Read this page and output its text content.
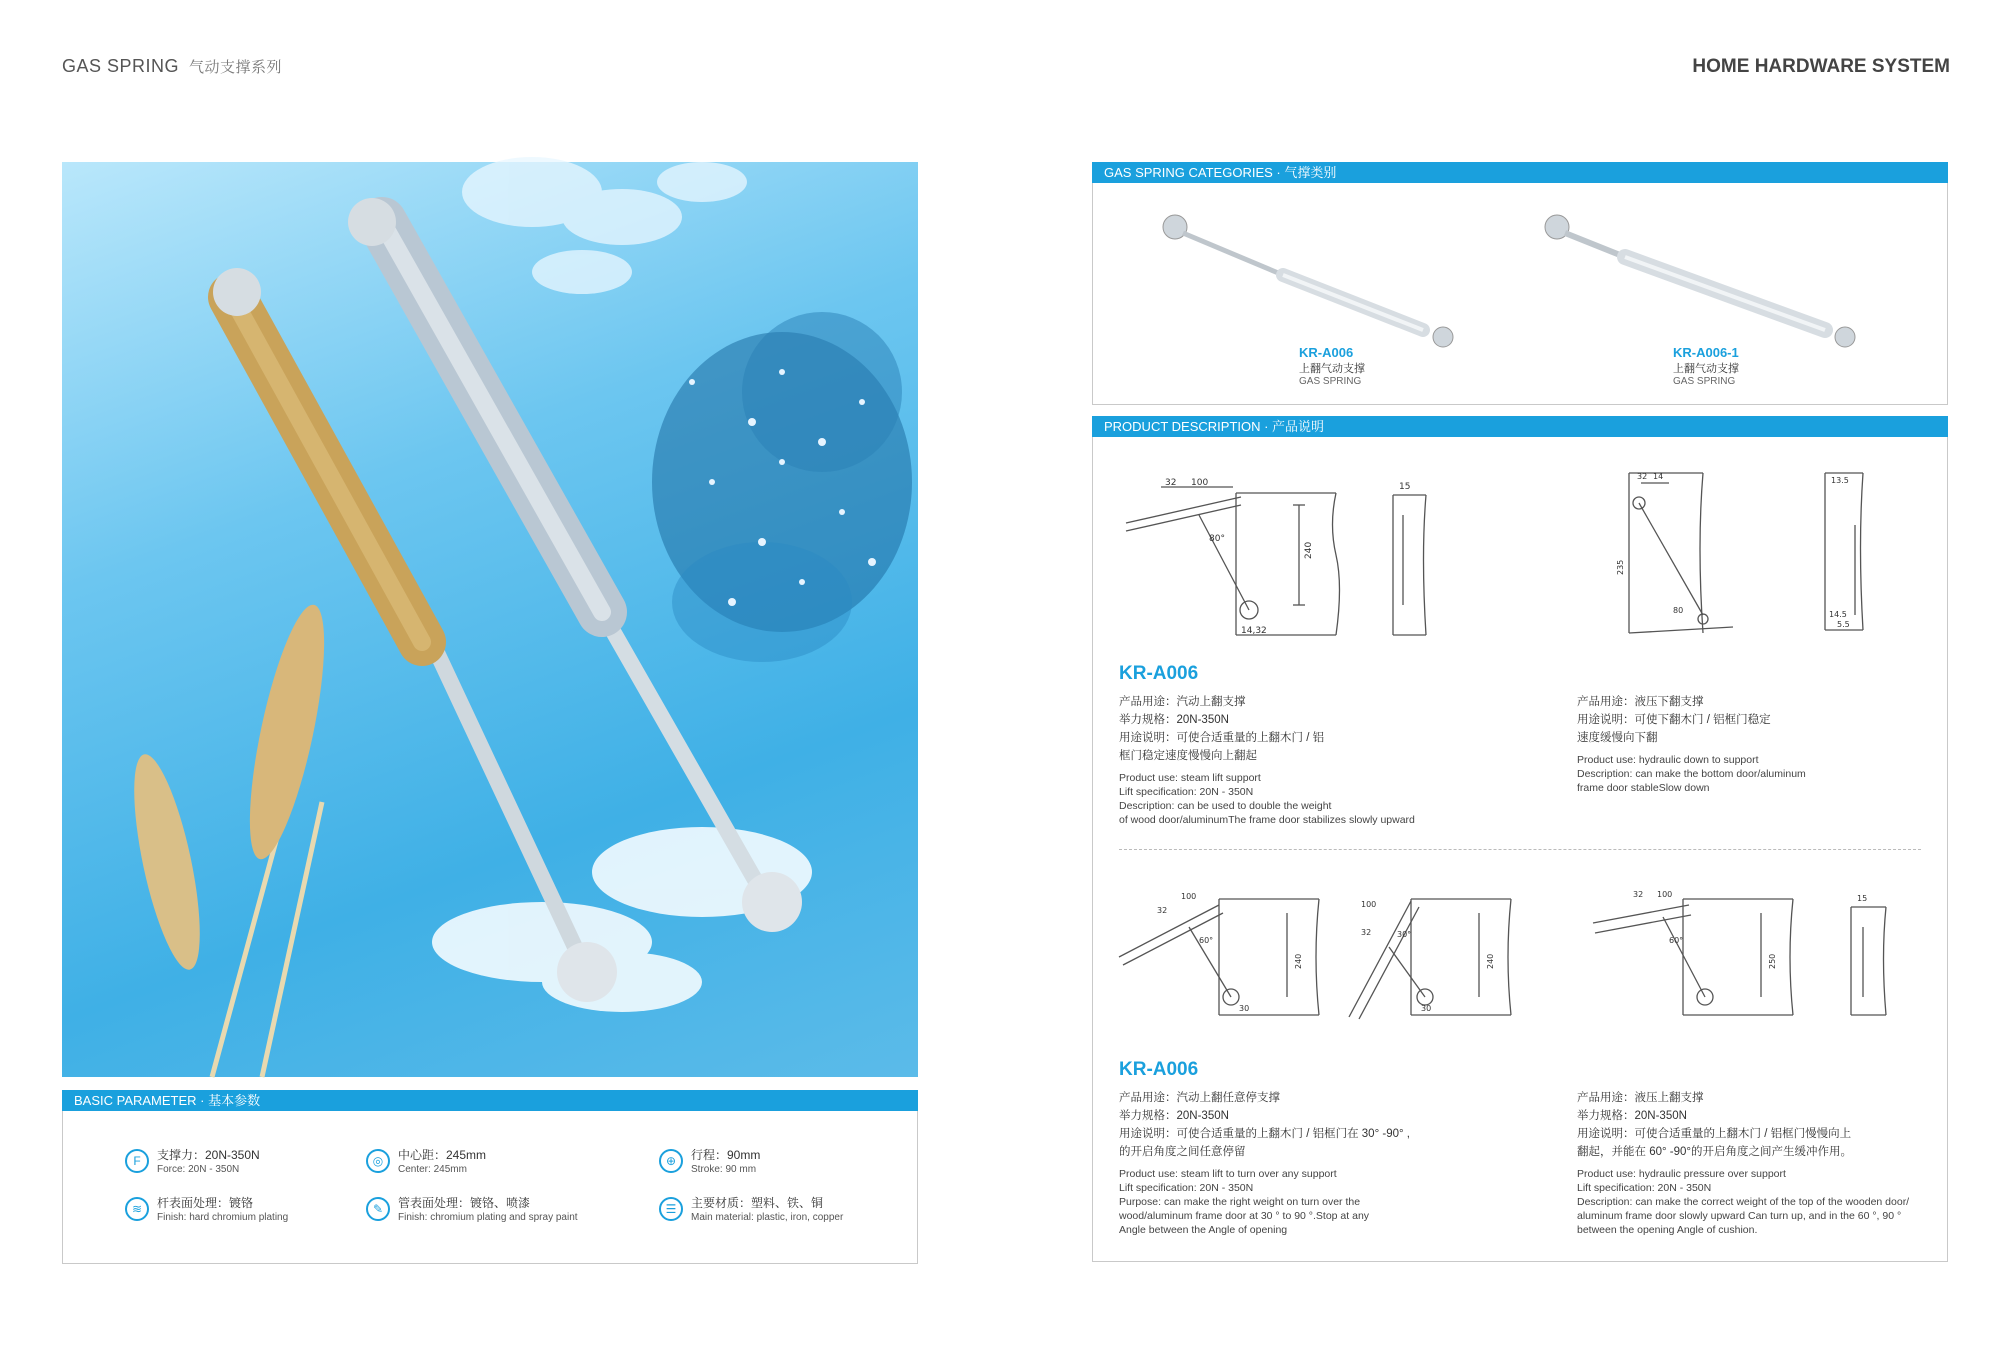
GAS SPRING 气动支撑系列	HOME HARDWARE SYSTEM
BASIC PARAMETER · 基本参数
F	支撑力：20N-350N
Force: 20N - 350N
◎	中心距：245mm
Center: 245mm
⊕	行程：90mm
Stroke: 90 mm
≋	杆表面处理：镀铬
Finish: hard chromium plating
✎	管表面处理：镀铬、喷漆
Finish: chromium plating and spray paint
☰	主要材质：塑料、铁、铜
Main material: plastic, iron, copper
GAS SPRING CATEGORIES · 气撑类别
KR-A006
上翻气动支撑
GAS SPRING
KR-A006-1
上翻气动支撑
GAS SPRING
PRODUCT DESCRIPTION · 产品说明
32 100
80°
240
14,32
15
32 14
235
80
13.5
14.5
5.5
KR-A006
产品用途：汽动上翻支撑
举力规格：20N-350N
用途说明：可使合适重量的上翻木门 / 铝
框门稳定速度慢慢向上翻起
Product use: steam lift support
Lift specification: 20N - 350N
Description: can be used to double the weight
of wood door/aluminumThe frame door stabilizes slowly upward
产品用途：液压下翻支撑
用途说明：可使下翻木门 / 铝框门稳定
速度缓慢向下翻
Product use: hydraulic down to support
Description: can make the bottom door/aluminum
frame door stableSlow down
32
100
60°
240
30
100
32	30°
240
30
32 100
60°
250
15
KR-A006
产品用途：汽动上翻任意停支撑
举力规格：20N-350N
用途说明：可使合适重量的上翻木门 / 铝框门在 30° -90° ,
的开启角度之间任意停留
Product use: steam lift to turn over any support
Lift specification: 20N - 350N
Purpose: can make the right weight on turn over the
wood/aluminum frame door at 30 ° to 90 °.Stop at any
Angle between the Angle of opening
产品用途：液压上翻支撑
举力规格：20N-350N
用途说明：可使合适重量的上翻木门 / 铝框门慢慢向上
翻起，并能在 60° -90°的开启角度之间产生缓冲作用。
Product use: hydraulic pressure over support
Lift specification: 20N - 350N
Description: can make the correct weight of the top of the wooden door/
aluminum frame door slowly upward Can turn up, and in the 60 °, 90 °
between the opening Angle of cushion.
